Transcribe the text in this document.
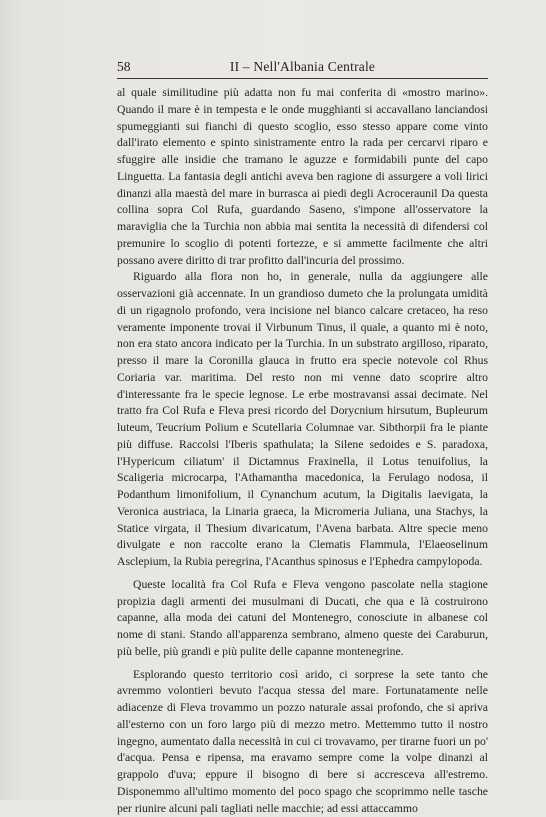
58	II – Nell'Albania Centrale

al quale similitudine più adatta non fu mai conferita di «mostro marino». Quando il mare è in tempesta e le onde mugghianti si accavallano lanciandosi spumeggianti sui fianchi di questo scoglio, esso stesso appare come vinto dall'irato elemento e spinto sinistramente entro la rada per cercarvi riparo e sfuggire alle insidie che tramano le aguzze e formidabili punte del capo Linguetta. La fantasia degli antichi aveva ben ragione di assurgere a voli lirici dinanzi alla maestà del mare in burrasca ai piedi degli Acroceraunil Da questa collina sopra Col Rufa, guardando Saseno, s'impone all'osservatore la maraviglia che la Turchia non abbia mai sentita la necessità di difendersi col premunire lo scoglio di potenti fortezze, e si ammette facilmente che altri possano avere diritto di trar profitto dall'incuria del prossimo.

Riguardo alla flora non ho, in generale, nulla da aggiungere alle osservazioni già accennate. In un grandioso dumeto che la prolungata umidità di un rigagnolo profondo, vera incisione nel bianco calcare cretaceo, ha reso veramente imponente trovai il Virbunum Tinus, il quale, a quanto mi è noto, non era stato ancora indicato per la Turchia. In un substrato argilloso, riparato, presso il mare la Coronilla glauca in frutto era specie notevole col Rhus Coriaria var. maritima. Del resto non mi venne dato scoprire altro d'interessante fra le specie legnose. Le erbe mostravansi assai decimate. Nel tratto fra Col Rufa e Fleva presi ricordo del Dorycnium hirsutum, Bupleurum luteum, Teucrium Polium e Scutellaria Columnae var. Sibthorpii fra le piante più diffuse. Raccolsi l'Iberis spathulata; la Silene sedoides e S. paradoxa, l'Hypericum ciliatum' il Dictamnus Fraxinella, il Lotus tenuifolius, la Scaligeria microcarpa, l'Athamantha macedonica, la Ferulago nodosa, il Podanthum limonifolium, il Cynanchum acutum, la Digitalis laevigata, la Veronica austriaca, la Linaria graeca, la Micromeria Juliana, una Stachys, la Statice virgata, il Thesium divaricatum, l'Avena barbata. Altre specie meno divulgate e non raccolte erano la Clematis Flammula, l'Elaeoselinum Asclepium, la Rubia peregrina, l'Acanthus spinosus e l'Ephedra campylopoda.

Queste località fra Col Rufa e Fleva vengono pascolate nella stagione propizia dagli armenti dei musulmani di Ducati, che qua e là costruirono capanne, alla moda dei catuni del Montenegro, conosciute in albanese col nome di stani. Stando all'apparenza sembrano, almeno queste dei Caraburun, più belle, più grandi e più pulite delle capanne montenegrine.

Esplorando questo territorio così arido, ci sorprese la sete tanto che avremmo volontieri bevuto l'acqua stessa del mare. Fortunatamente nelle adiacenze di Fleva trovammo un pozzo naturale assai profondo, che si apriva all'esterno con un foro largo più di mezzo metro. Mettemmo tutto il nostro ingegno, aumentato dalla necessità in cui ci trovavamo, per tirarne fuori un po' d'acqua. Pensa e ripensa, ma eravamo sempre come la volpe dinanzi al grappolo d'uva; eppure il bisogno di bere si accresceva all'estremo. Disponemmo all'ultimo momento del poco spago che scoprimmo nelle tasche per riunire alcuni pali tagliati nelle macchie; ad essi attaccammo
